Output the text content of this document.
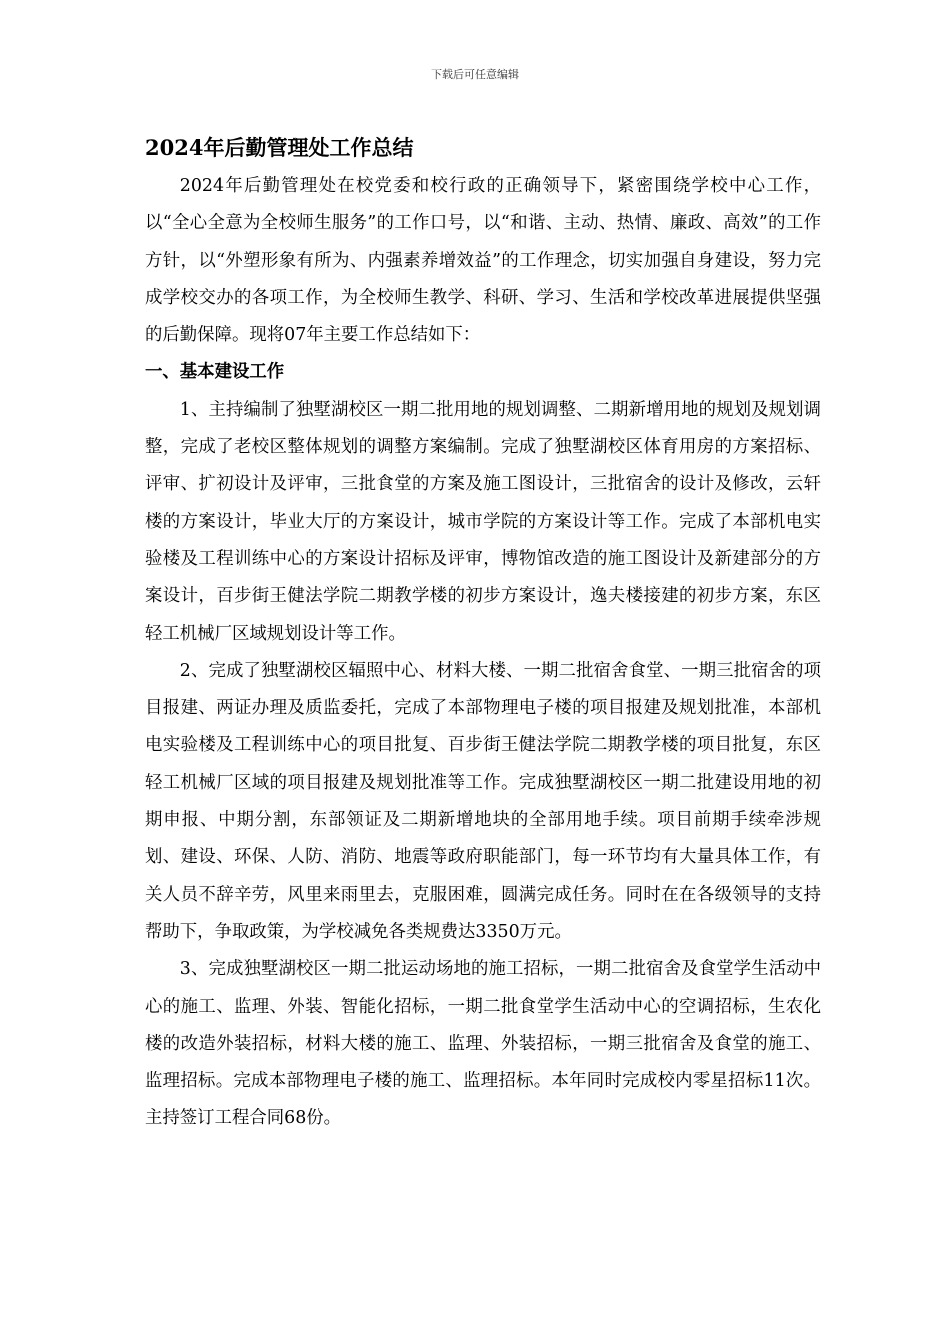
下载后可任意编辑
2024年后勤管理处工作总结

2024年后勤管理处在校党委和校行政的正确领导下，紧密围绕学校中心工作，以“全心全意为全校师生服务”的工作口号，以“和谐、主动、热情、廉政、高效”的工作方针，以“外塑形象有所为、内强素养增效益”的工作理念，切实加强自身建设，努力完成学校交办的各项工作，为全校师生教学、科研、学习、生活和学校改革进展提供坚强的后勤保障。现将07年主要工作总结如下：

一、基本建设工作

1、主持编制了独墅湖校区一期二批用地的规划调整、二期新增用地的规划及规划调整，完成了老校区整体规划的调整方案编制。完成了独墅湖校区体育用房的方案招标、评审、扩初设计及评审，三批食堂的方案及施工图设计，三批宿舍的设计及修改，云轩楼的方案设计，毕业大厅的方案设计，城市学院的方案设计等工作。完成了本部机电实验楼及工程训练中心的方案设计招标及评审，博物馆改造的施工图设计及新建部分的方案设计，百步街王健法学院二期教学楼的初步方案设计，逸夫楼接建的初步方案，东区轻工机械厂区域规划设计等工作。

2、完成了独墅湖校区辐照中心、材料大楼、一期二批宿舍食堂、一期三批宿舍的项目报建、两证办理及质监委托，完成了本部物理电子楼的项目报建及规划批准，本部机电实验楼及工程训练中心的项目批复、百步街王健法学院二期教学楼的项目批复，东区轻工机械厂区域的项目报建及规划批准等工作。完成独墅湖校区一期二批建设用地的初期申报、中期分割，东部领证及二期新增地块的全部用地手续。项目前期手续牵涉规划、建设、环保、人防、消防、地震等政府职能部门，每一环节均有大量具体工作，有关人员不辞辛劳，风里来雨里去，克服困难，圆满完成任务。同时在在各级领导的支持帮助下，争取政策，为学校减免各类规费达3350万元。

3、完成独墅湖校区一期二批运动场地的施工招标，一期二批宿舍及食堂学生活动中心的施工、监理、外装、智能化招标，一期二批食堂学生活动中心的空调招标，生农化楼的改造外装招标，材料大楼的施工、监理、外装招标，一期三批宿舍及食堂的施工、监理招标。完成本部物理电子楼的施工、监理招标。本年同时完成校内零星招标11次。主持签订工程合同68份。
